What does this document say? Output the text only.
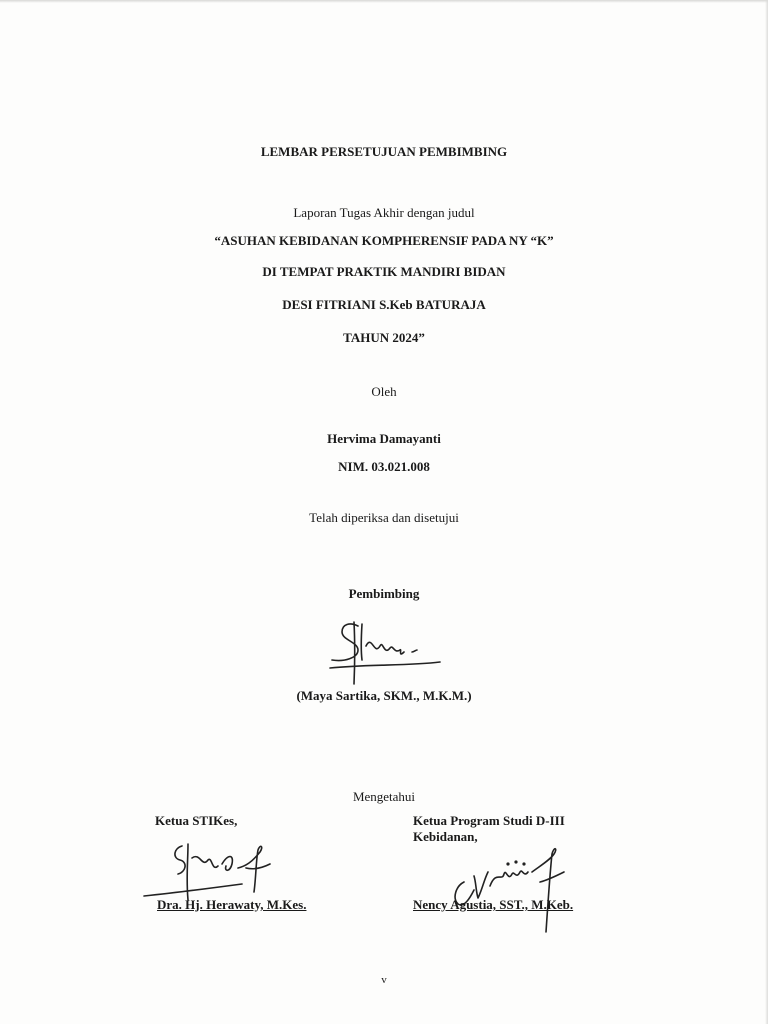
LEMBAR PERSETUJUAN PEMBIMBING
Laporan Tugas Akhir dengan judul
“ASUHAN KEBIDANAN KOMPHERENSIF PADA NY “K”
DI TEMPAT PRAKTIK MANDIRI BIDAN
DESI FITRIANI S.Keb BATURAJA
TAHUN 2024”
Oleh
Hervima Damayanti
NIM. 03.021.008
Telah diperiksa dan disetujui
Pembimbing
(Maya Sartika, SKM., M.K.M.)
Mengetahui
Ketua STIKes,	Ketua Program Studi D-III
Kebidanan,
Dra. Hj. Herawaty, M.Kes.	Nency Agustia, SST., M.Keb.
v
